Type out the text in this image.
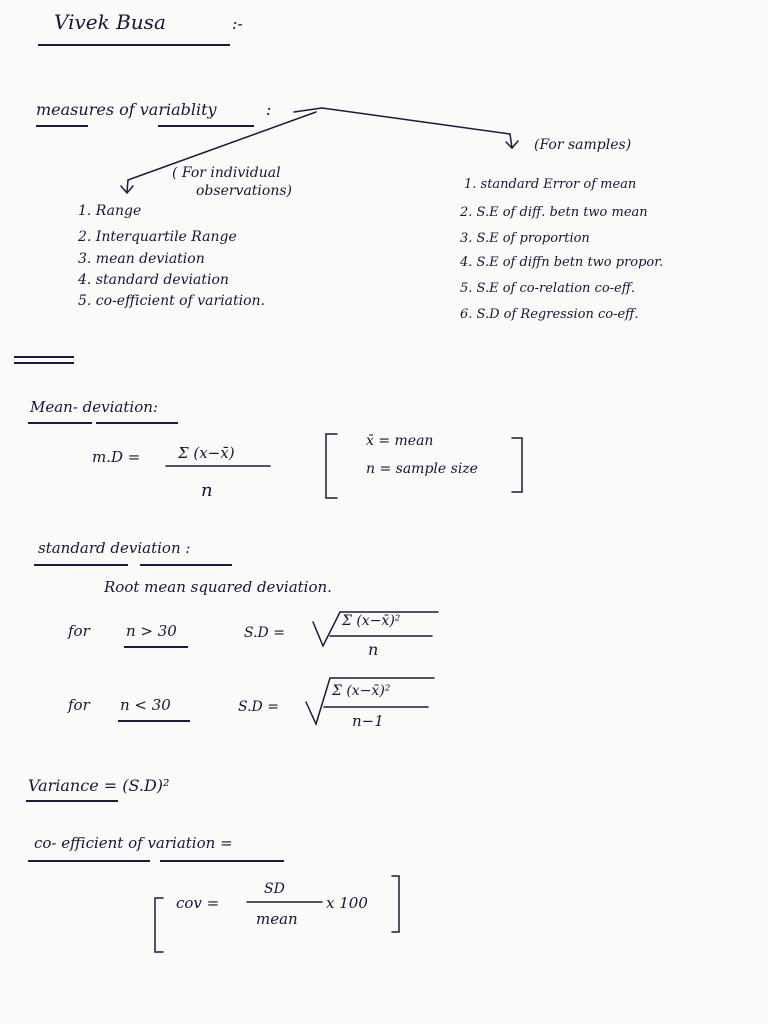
Vivek Busa	:-
measures of variablity	:
( For individual
observations)
1. Range
2. Interquartile Range
3. mean deviation
4. standard deviation
5. co-efficient of variation.
(For samples)
1. standard Error of mean
2. S.E of diff. betn two mean
3. S.E of proportion
4. S.E of diffn betn two propor.
5. S.E of co-relation co-eff.
6. S.D of Regression co-eff.
Mean- deviation:
m.D =	Σ (x−x̄)
n
x̄ = mean
n = sample size
standard deviation :
Root mean squared deviation.
for n > 30	S.D =
Σ (x−x̄)²
n
for n < 30	S.D =
Σ (x−x̄)²
n−1
Variance = (S.D)²
co- efficient of variation =
cov =
SD
mean
x 100
